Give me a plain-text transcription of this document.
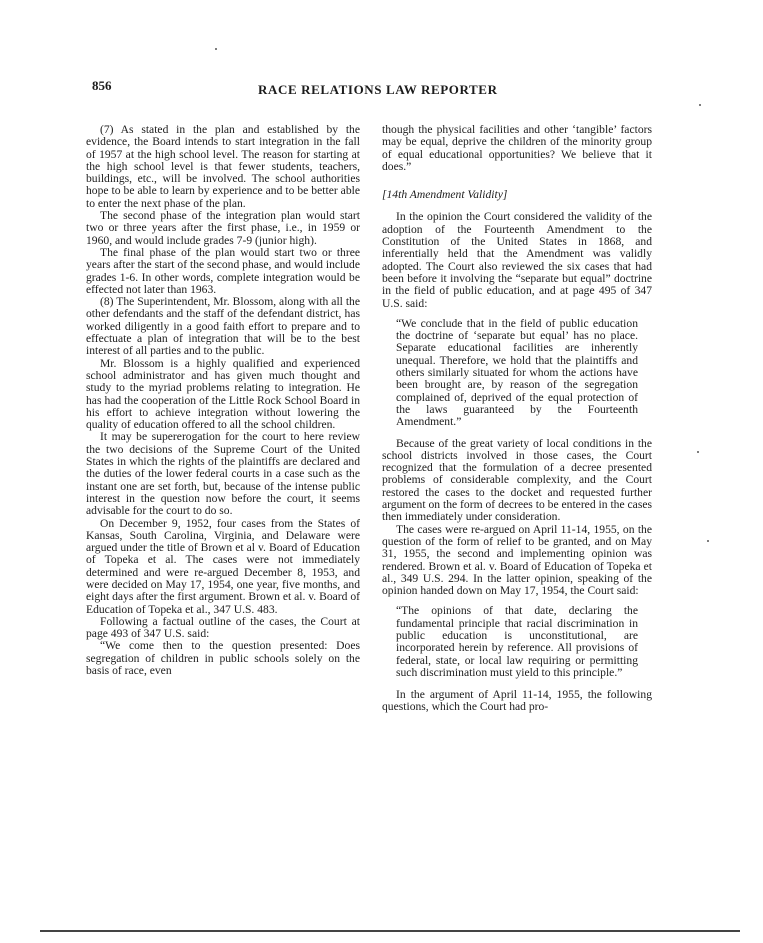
856	RACE RELATIONS LAW REPORTER

(7) As stated in the plan and established by the evidence, the Board intends to start integration in the fall of 1957 at the high school level. The reason for starting at the high school level is that fewer students, teachers, buildings, etc., will be involved. The school authorities hope to be able to learn by experience and to be better able to enter the next phase of the plan.

The second phase of the integration plan would start two or three years after the first phase, i.e., in 1959 or 1960, and would include grades 7-9 (junior high).

The final phase of the plan would start two or three years after the start of the second phase, and would include grades 1-6. In other words, complete integration would be effected not later than 1963.

(8) The Superintendent, Mr. Blossom, along with all the other defendants and the staff of the defendant district, has worked diligently in a good faith effort to prepare and to effectuate a plan of integration that will be to the best interest of all parties and to the public.

Mr. Blossom is a highly qualified and experienced school administrator and has given much thought and study to the myriad problems relating to integration. He has had the cooperation of the Little Rock School Board in his effort to achieve integration without lowering the quality of education offered to all the school children.

It may be supererogation for the court to here review the two decisions of the Supreme Court of the United States in which the rights of the plaintiffs are declared and the duties of the lower federal courts in a case such as the instant one are set forth, but, because of the intense public interest in the question now before the court, it seems advisable for the court to do so.

On December 9, 1952, four cases from the States of Kansas, South Carolina, Virginia, and Delaware were argued under the title of Brown et al v. Board of Education of Topeka et al. The cases were not immediately determined and were re-argued December 8, 1953, and were decided on May 17, 1954, one year, five months, and eight days after the first argument. Brown et al. v. Board of Education of Topeka et al., 347 U.S. 483.

Following a factual outline of the cases, the Court at page 493 of 347 U.S. said:

“We come then to the question presented: Does segregation of children in public schools solely on the basis of race, even

though the physical facilities and other ‘tangible’ factors may be equal, deprive the children of the minority group of equal educational opportunities? We believe that it does.”

[14th Amendment Validity]

In the opinion the Court considered the validity of the adoption of the Fourteenth Amendment to the Constitution of the United States in 1868, and inferentially held that the Amendment was validly adopted. The Court also reviewed the six cases that had been before it involving the “separate but equal” doctrine in the field of public education, and at page 495 of 347 U.S. said:

“We conclude that in the field of public education the doctrine of ‘separate but equal’ has no place. Separate educational facilities are inherently unequal. Therefore, we hold that the plaintiffs and others similarly situated for whom the actions have been brought are, by reason of the segregation complained of, deprived of the equal protection of the laws guaranteed by the Fourteenth Amendment.”

Because of the great variety of local conditions in the school districts involved in those cases, the Court recognized that the formulation of a decree presented problems of considerable complexity, and the Court restored the cases to the docket and requested further argument on the form of decrees to be entered in the cases then immediately under consideration.

The cases were re-argued on April 11-14, 1955, on the question of the form of relief to be granted, and on May 31, 1955, the second and implementing opinion was rendered. Brown et al. v. Board of Education of Topeka et al., 349 U.S. 294. In the latter opinion, speaking of the opinion handed down on May 17, 1954, the Court said:

“The opinions of that date, declaring the fundamental principle that racial discrimination in public education is unconstitutional, are incorporated herein by reference. All provisions of federal, state, or local law requiring or permitting such discrimination must yield to this principle.”

In the argument of April 11-14, 1955, the following questions, which the Court had pro-
